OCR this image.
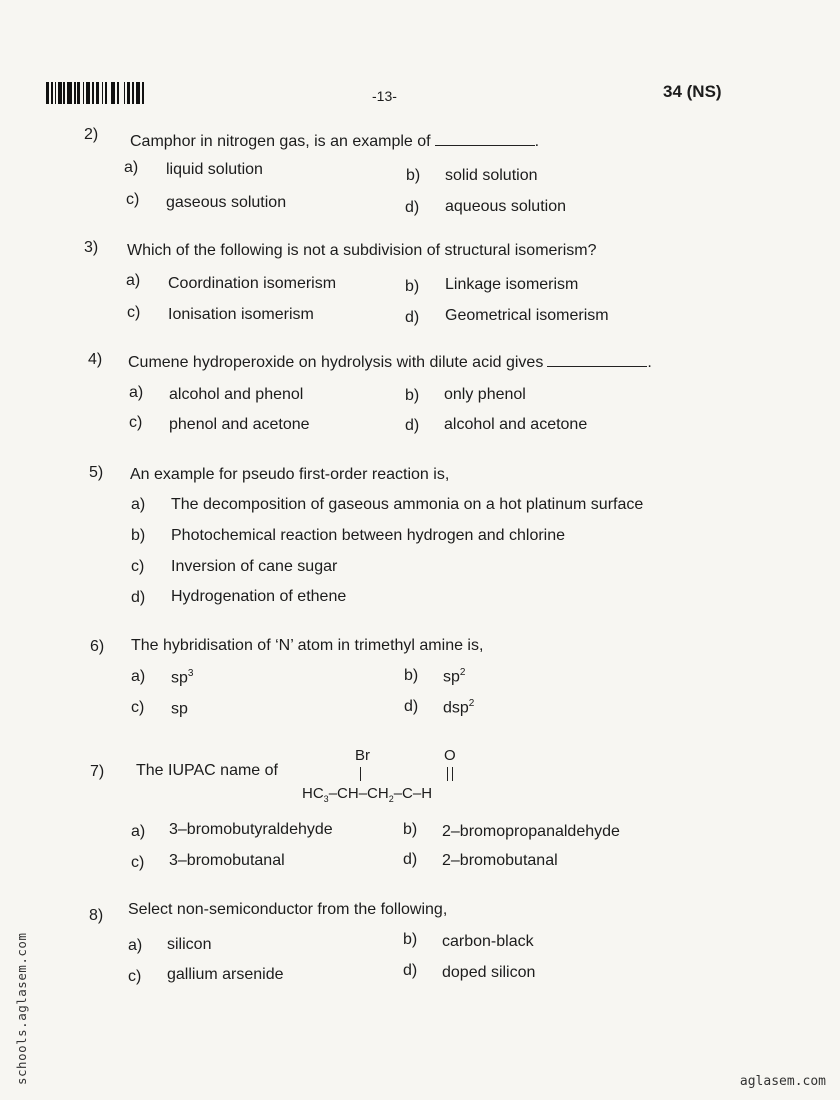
-13-	34 (NS)
2) Camphor in nitrogen gas, is an example of	.
a) liquid solution	b) solid solution
c) gaseous solution	d) aqueous solution
3) Which of the following is not a subdivision of structural isomerism?
a) Coordination isomerism	b) Linkage isomerism
c) Ionisation isomerism	d) Geometrical isomerism
4) Cumene hydroperoxide on hydrolysis with dilute acid gives	.
a) alcohol and phenol	b) only phenol
c) phenol and acetone	d) alcohol and acetone
5) An example for pseudo first-order reaction is,
a) The decomposition of gaseous ammonia on a hot platinum surface
b) Photochemical reaction between hydrogen and chlorine
c) Inversion of cane sugar
d) Hydrogenation of ethene
6) The hybridisation of ‘N’ atom in trimethyl amine is,
a) $sp^3$	b) $sp^2$
c) sp	d) dsp$^2$
7) The IUPAC name of
Br	O
$HC_3-CH-CH_2-C-H$
a) 3–bromobutyraldehyde	b) 2–bromopropanaldehyde
c) 3–bromobutanal	d) 2–bromobutanal
8) Select non-semiconductor from the following,
a) silicon	b) carbon-black
c) gallium arsenide	d) doped silicon
schools.aglasem.com	aglasem.com
